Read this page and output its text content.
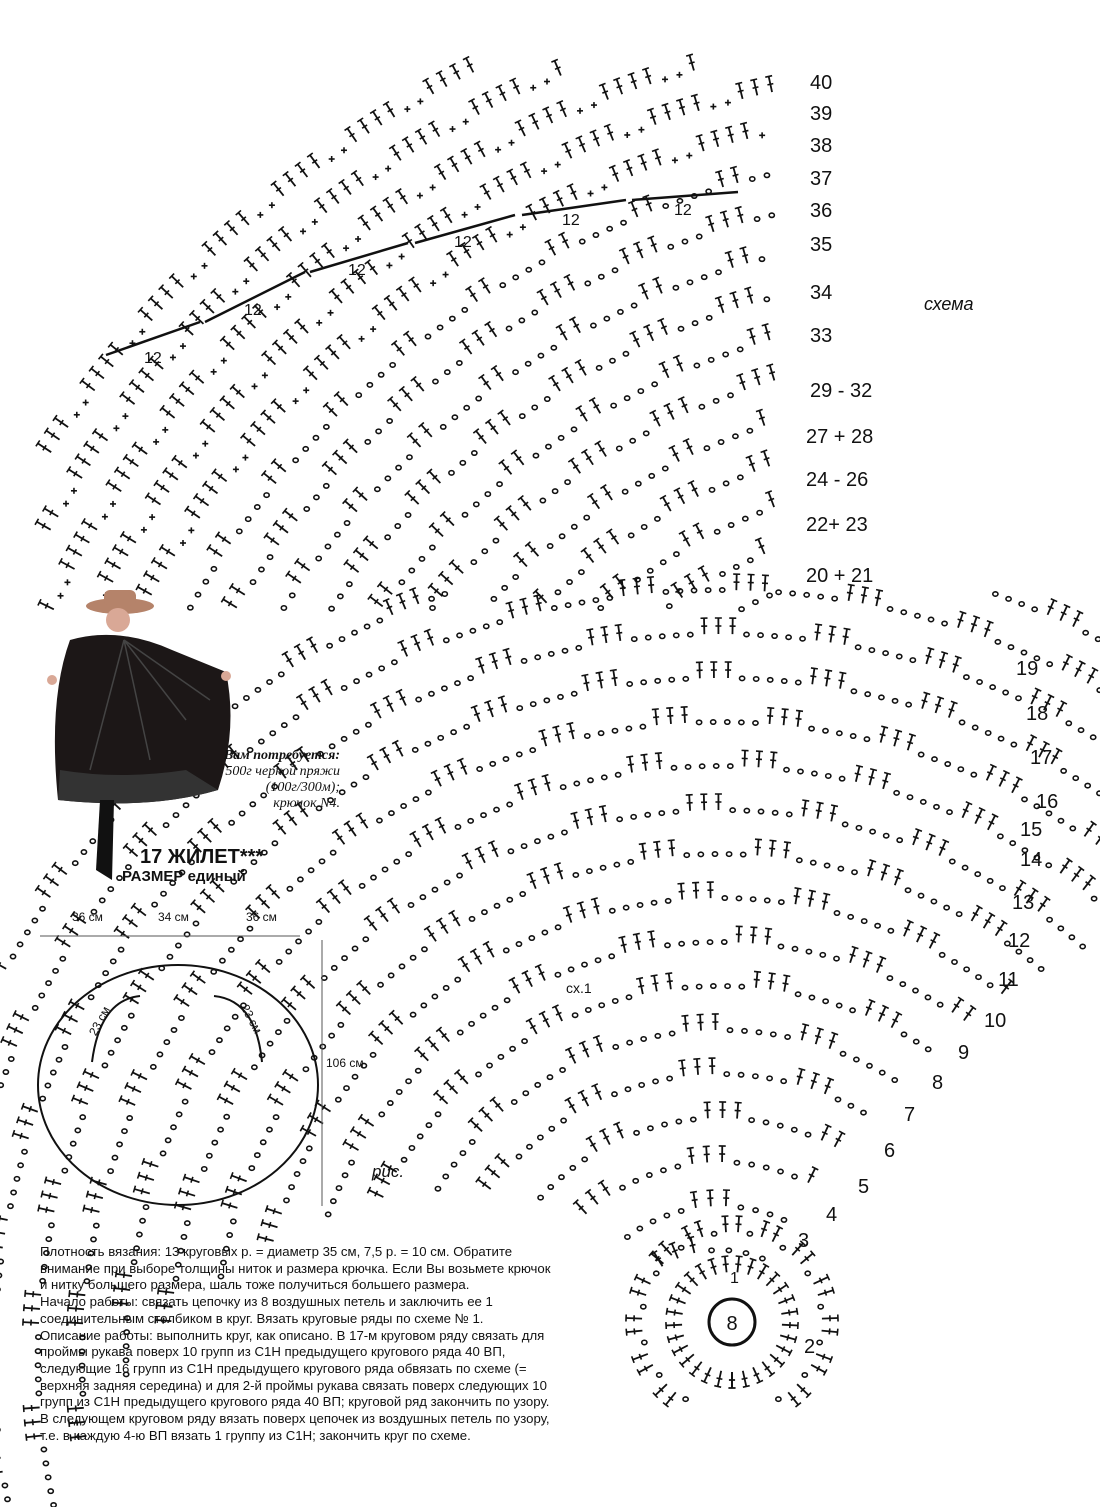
8
40
39
38
37
36
35
34
33
29 - 32
27 + 28
24 - 26
22+ 23
20 + 21
19
18
17
16
15
14
13
12
11
10
9
8
7
6
5
4
3
2
1
схема
рис.
сх.1
12
12
12
12
12
12
Вам потребуется:
500г черной пряжи
(100г/300м);
крючок N4.
17 ЖИЛЕТ***
РАЗМЕР единый
36 см	34 см	36 см
106 см
23 см	23 см

Плотность вязания: 13 круговых р. = диаметр 35 см, 7,5 р. = 10 см. Обратите внимание при выборе толщины ниток и размера крючка. Если Вы возьмете крючок и нитку большего размера, шаль тоже получиться большего размера.

Начало работы: связать цепочку из 8 воздушных петель и заключить ее 1 соединительным столбиком в круг. Вязать круговые ряды по схеме № 1.

Описание работы: выполнить круг, как описано. В 17-м круговом ряду связать для проймы рукава поверх 10 групп из С1Н предыдущего кругового ряда 40 ВП, следующие 16 групп из С1Н предыдущего кругового ряда обвязать по схеме (= верхняя задняя середина) и для 2-й проймы рукава связать поверх следующих 10 групп из С1Н предыдущего кругового ряда 40 ВП; круговой ряд закончить по узору. В следующем круговом ряду вязать поверх цепочек из воздушных петель по узору, т.е. в каждую 4-ю ВП вязать 1 группу из С1Н; закончить круг по схеме.
